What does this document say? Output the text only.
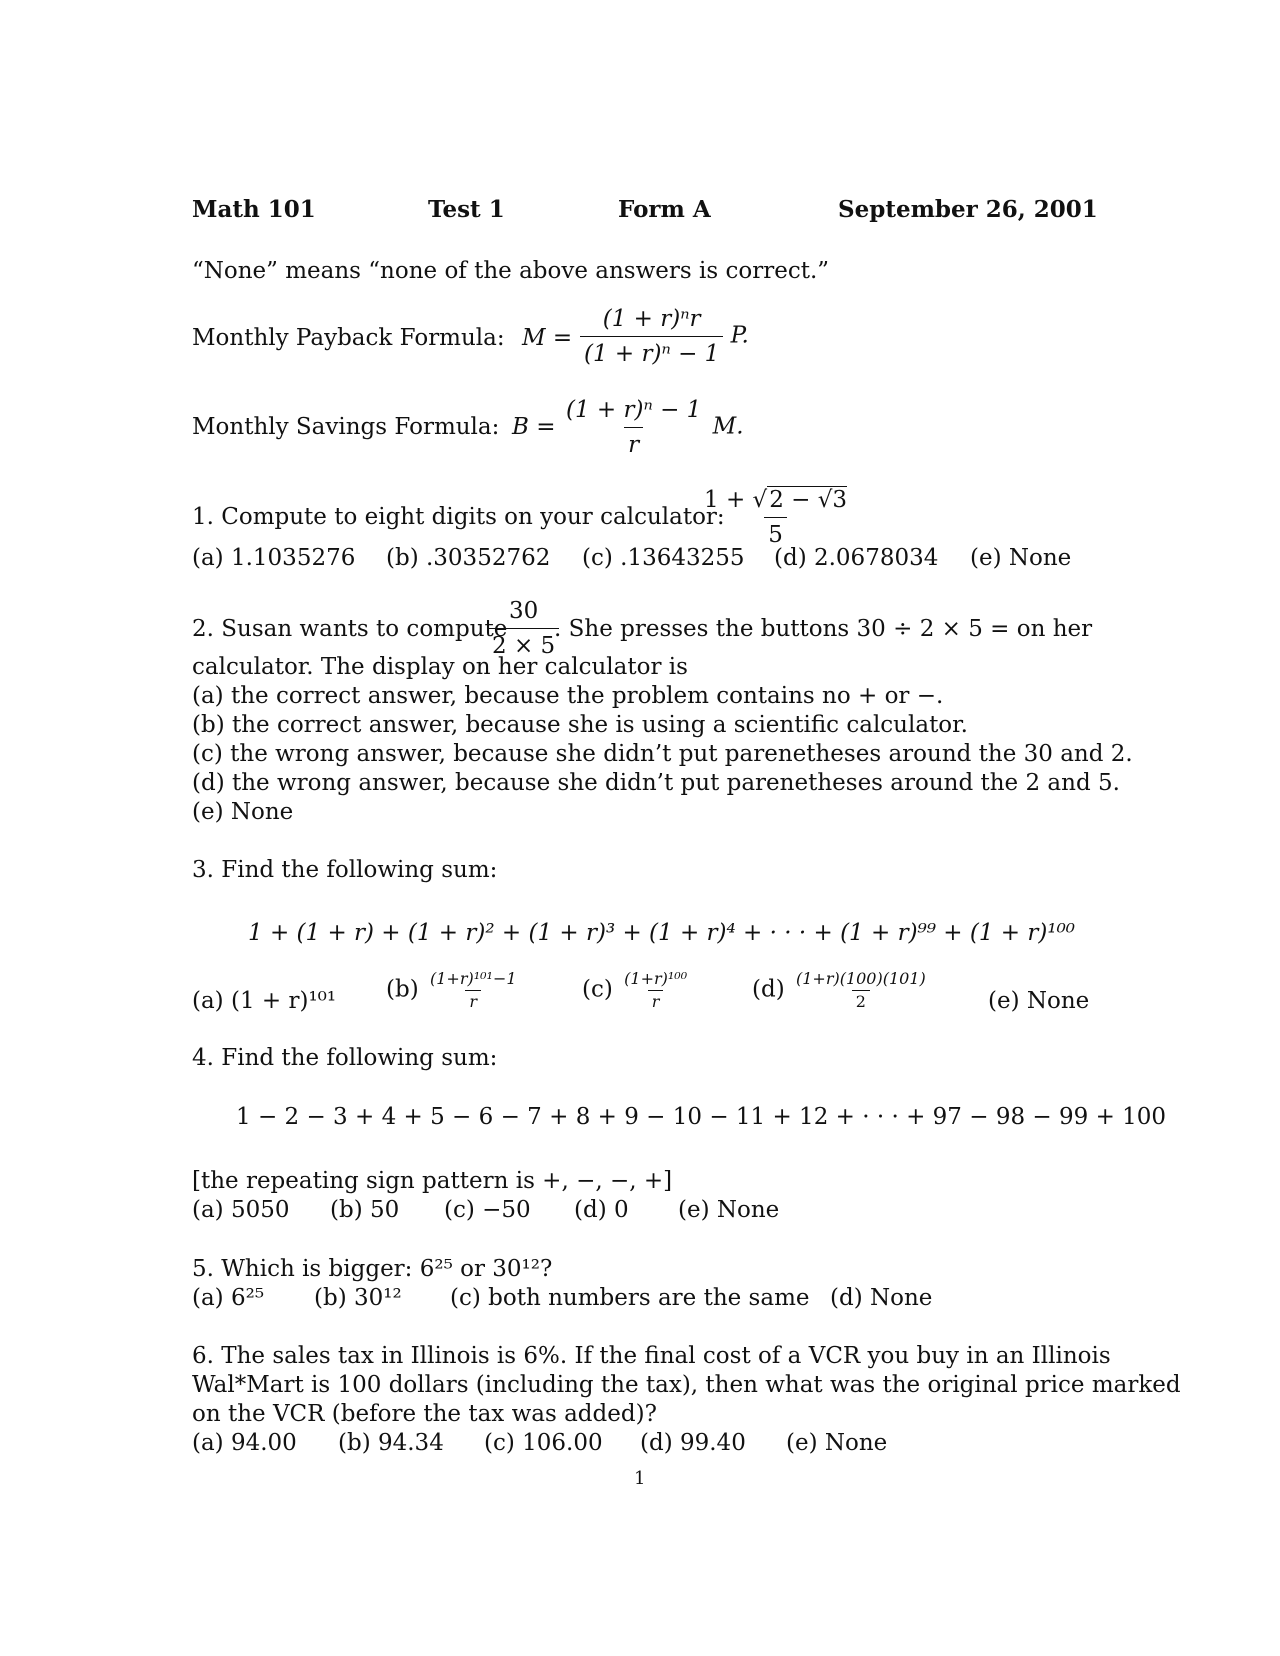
Math 101	Test 1	Form A	September 26, 2001
“None” means “none of the above answers is correct.”
Monthly Payback Formula: $M = \frac{\text{(1 + r)ⁿr}}{\text{(1 + r)ⁿ − 1}} P$.
Monthly Savings Formula: $B = \frac{\text{(1 + r)ⁿ − 1}}{r} M$.
1. Compute to eight digits on your calculator:
$\frac{1 + √2 - √3}{5}$
(a) 1.1035276 (b) .30352762 (c) .13643255 (d) 2.0678034 (e) None
2. Susan wants to compute
$\frac{30}{2 \times 5}$
. She presses the buttons 30 ÷ 2 × 5 = on her
calculator. The display on her calculator is
(a) the correct answer, because the problem contains no + or −.
(b) the correct answer, because she is using a scientific calculator.
(c) the wrong answer, because she didn’t put parenetheses around the 30 and 2.
(d) the wrong answer, because she didn’t put parenetheses around the 2 and 5.
(e) None
3. Find the following sum:
1 + (1 + r) + (1 + r)² + (1 + r)³ + (1 + r)⁴ + · · · + (1 + r)⁹⁹ + (1 + r)¹⁰⁰
(a) (1 + r)¹⁰¹ $(b) \frac{\text{(1+r)¹⁰¹−1}}{r}$	$(c) \frac{\text{(1+r)¹⁰⁰}}{r}$	$(d) \frac{(1+r)(100)(101)}{2}$	(e) None
4. Find the following sum:
1 − 2 − 3 + 4 + 5 − 6 − 7 + 8 + 9 − 10 − 11 + 12 + · · · + 97 − 98 − 99 + 100
[the repeating sign pattern is +, −, −, +]
(a) 5050 (b) 50 (c) −50 (d) 0 (e) None
5. Which is bigger: 6²⁵ or 30¹²?
(a) 6²⁵ (b) 30¹² (c) both numbers are the same (d) None
6. The sales tax in Illinois is 6%. If the final cost of a VCR you buy in an Illinois
Wal*Mart is 100 dollars (including the tax), then what was the original price marked
on the VCR (before the tax was added)?
(a) 94.00 (b) 94.34 (c) 106.00 (d) 99.40 (e) None
1
